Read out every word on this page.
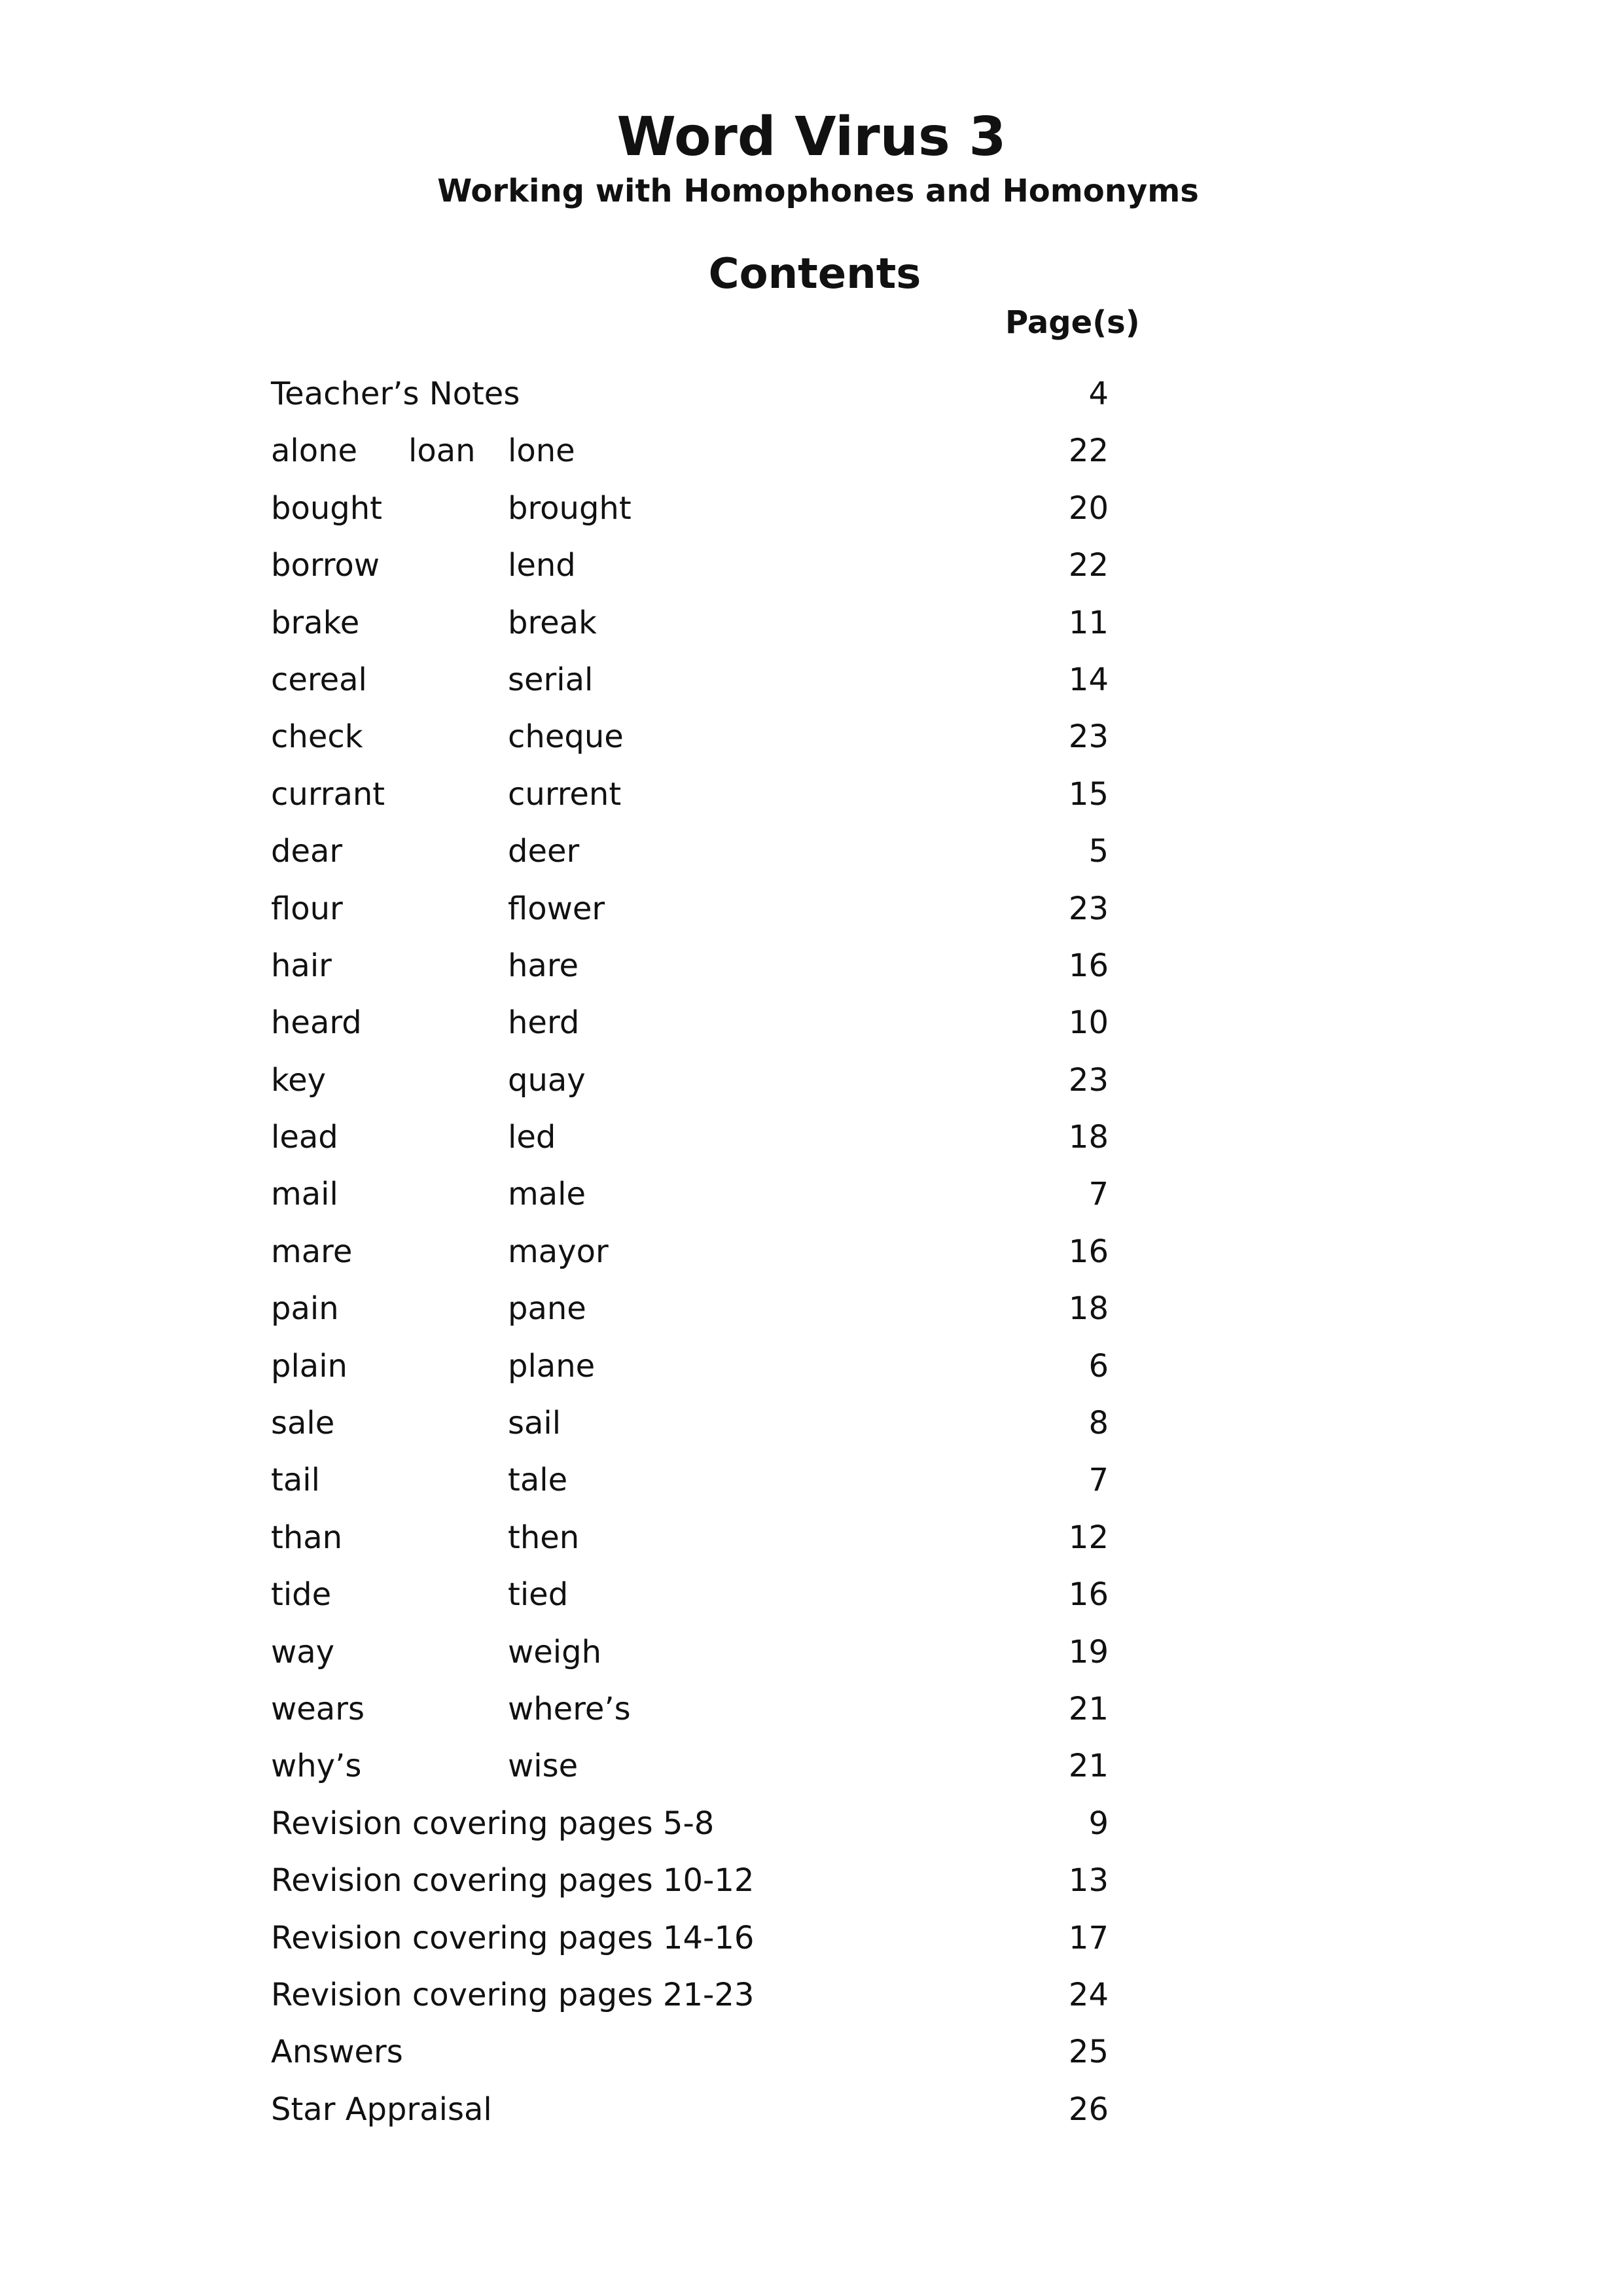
Word Virus 3
Working with Homophones and Homonyms
Contents
Page(s)
Teacher’s Notes	4
alone loan lone	22
bought	brought	20
borrow	lend	22
brake	break	11
cereal	serial	14
check	cheque	23
currant	current	15
dear	deer	5
flour	flower	23
hair	hare	16
heard	herd	10
key	quay	23
lead	led	18
mail	male	7
mare	mayor	16
pain	pane	18
plain	plane	6
sale	sail	8
tail	tale	7
than	then	12
tide	tied	16
way	weigh	19
wears	where’s	21
why’s	wise	21
Revision covering pages 5-8	9
Revision covering pages 10-12	13
Revision covering pages 14-16	17
Revision covering pages 21-23	24
Answers	25
Star Appraisal	26
